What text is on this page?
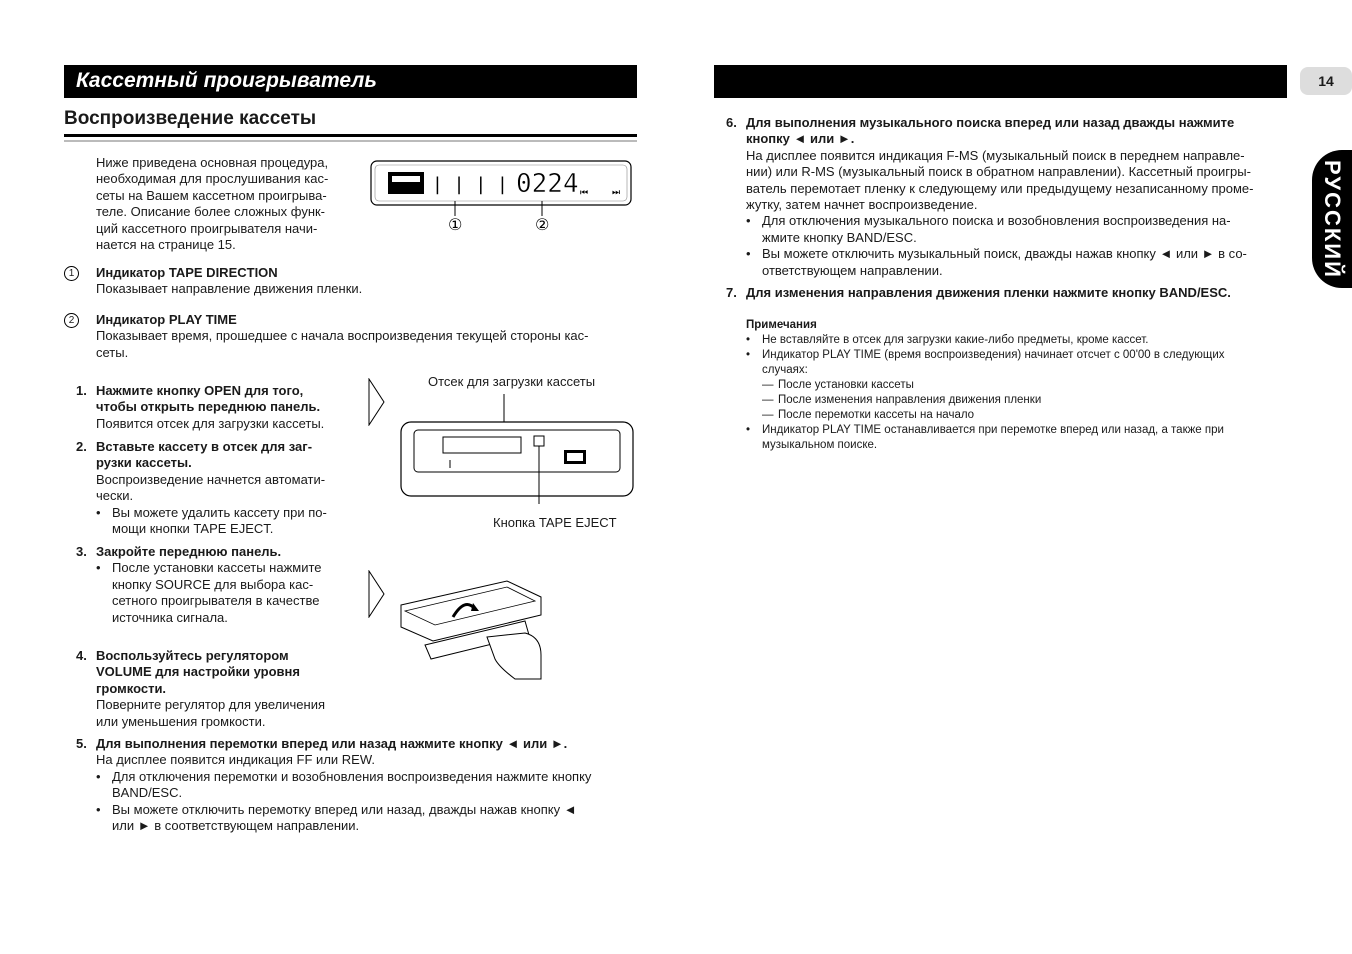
Кассетный проигрыватель	14
РУССКИЙ
Воспроизведение кассеты
Ниже приведена основная процедура,
необходимая для прослушивания кас-
сеты на Вашем кассетном проигрыва-
теле. Описание более сложных функ-
ций кассетного проигрывателя начи-
нается на странице 15.
| | | | 0224 ⏮	⏭
①	②
1	Индикатор TAPE DIRECTION
Показывает направление движения пленки.
2	Индикатор PLAY TIME
Показывает время, прошедшее с начала воспроизведения текущей стороны кас-
сеты.
1. Нажмите кнопку OPEN для того,
чтобы открыть переднюю панель.
Появится отсек для загрузки кассеты.
2. Вставьте кассету в отсек для заг-
рузки кассеты.
Воспроизведение начнется автомати-
чески.
• Вы можете удалить кассету при по-
мощи кнопки TAPE EJECT.
3. Закройте переднюю панель.
• После установки кассеты нажмите
кнопку SOURCE для выбора кас-
сетного проигрывателя в качестве
источника сигнала.
4. Воспользуйтесь регулятором
VOLUME для настройки уровня
громкости.
Поверните регулятор для увеличения
или уменьшения громкости.
5. Для выполнения перемотки вперед или назад нажмите кнопку ◄ или ►.
На дисплее появится индикация FF или REW.
• Для отключения перемотки и возобновления воспроизведения нажмите кнопку
BAND/ESC.
• Вы можете отключить перемотку вперед или назад, дважды нажав кнопку ◄
или ► в соответствующем направлении.
Отсек для загрузки кассеты
Кнопка TAPE EJECT
6. Для выполнения музыкального поиска вперед или назад дважды нажмите
кнопку ◄ или ►.
На дисплее появится индикация F-MS (музыкальный поиск в переднем направле-
нии) или R-MS (музыкальный поиск в обратном направлении). Кассетный проигры-
ватель перемотает пленку к следующему или предыдущему незаписанному проме-
жутку, затем начнет воспроизведение.
• Для отключения музыкального поиска и возобновления воспроизведения на-
жмите кнопку BAND/ESC.
• Вы можете отключить музыкальный поиск, дважды нажав кнопку ◄ или ► в со-
ответствующем направлении.
7. Для изменения направления движения пленки нажмите кнопку BAND/ESC.
Примечания
• Не вставляйте в отсек для загрузки какие-либо предметы, кроме кассет.
• Индикатор PLAY TIME (время воспроизведения) начинает отсчет с 00'00 в следующих
случаях:
— После установки кассеты
— После изменения направления движения пленки
— После перемотки кассеты на начало
• Индикатор PLAY TIME останавливается при перемотке вперед или назад, а также при
музыкальном поиске.
